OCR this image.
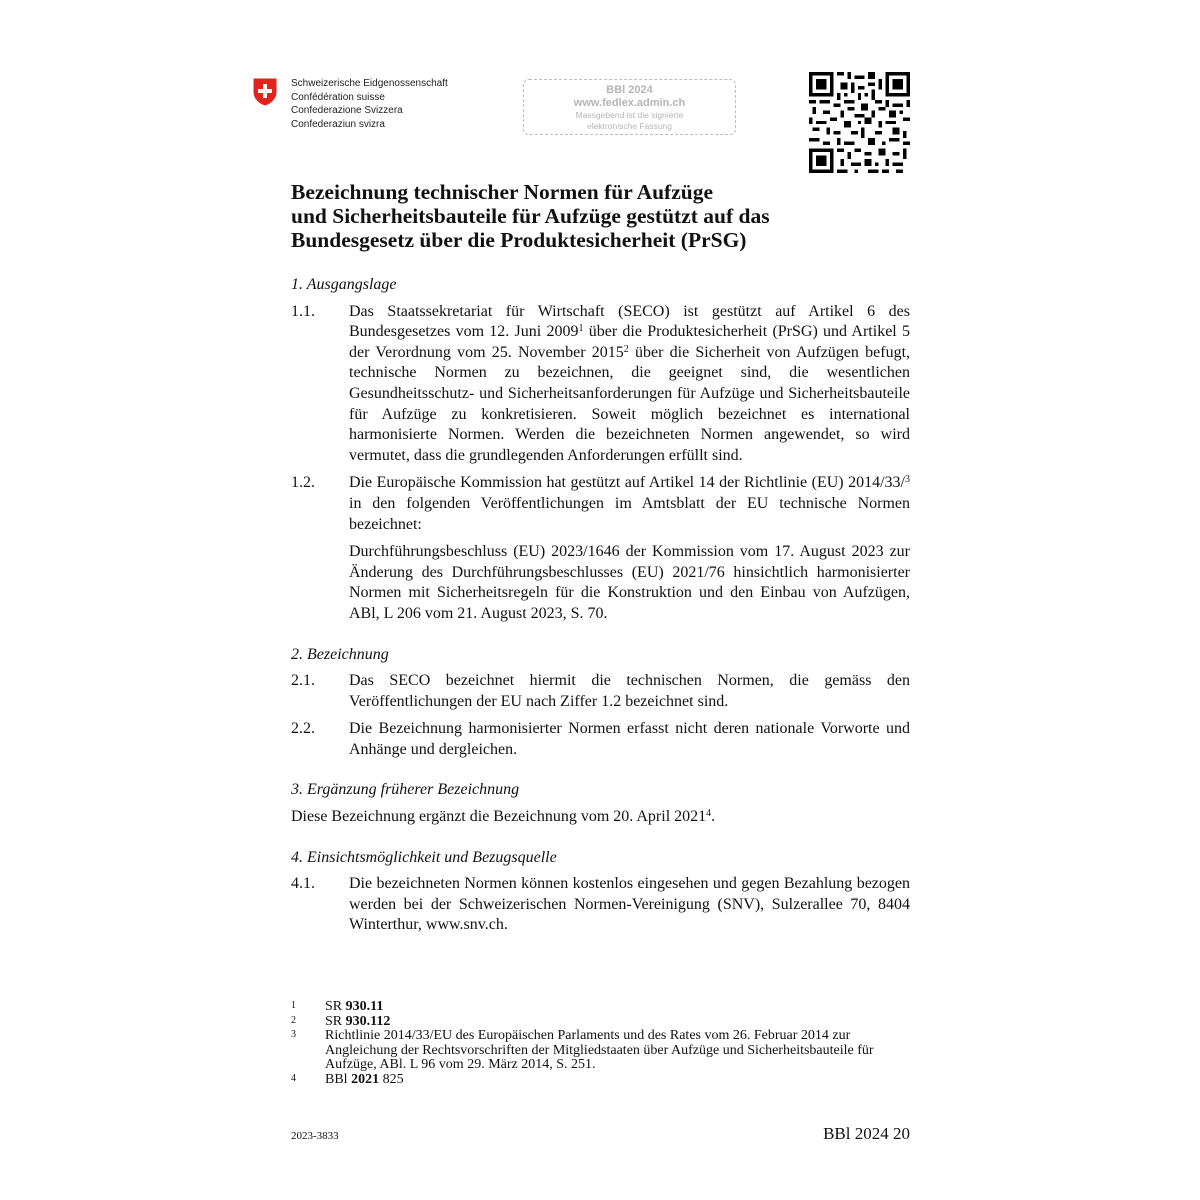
Schweizerische Eidgenossenschaft
Confédération suisse
Confederazione Svizzera
Confederaziun svizra
BBl 2024
www.fedlex.admin.ch
Massgebend ist die signierte
elektronische Fassung
Bezeichnung technischer Normen für Aufzüge
und Sicherheitsbauteile für Aufzüge gestützt auf das
Bundesgesetz über die Produktesicherheit (PrSG)

1. Ausgangslage

1.1.	Das Staatssekretariat für Wirtschaft (SECO) ist gestützt auf Artikel 6 des Bundesgesetzes vom 12. Juni 2009$^1$ über die Produktesicherheit (PrSG) und Artikel 5 der Verordnung vom 25. November 2015$^2$ über die Sicherheit von Aufzügen befugt, technische Normen zu bezeichnen, die geeignet sind, die wesentlichen Gesundheitsschutz- und Sicherheitsanforderungen für Aufzüge und Sicherheitsbauteile für Aufzüge zu konkretisieren. Soweit möglich bezeichnet es international harmonisierte Normen. Werden die bezeichneten Normen angewendet, so wird vermutet, dass die grundlegenden Anforderungen erfüllt sind.
1.2.	Die Europäische Kommission hat gestützt auf Artikel 14 der Richtlinie (EU) 2014/33/$^3$ in den folgenden Veröffentlichungen im Amtsblatt der EU technische Normen bezeichnet:

Durchführungsbeschluss (EU) 2023/1646 der Kommission vom 17. August 2023 zur Änderung des Durchführungsbeschlusses (EU) 2021/76 hinsichtlich harmonisierter Normen mit Sicherheitsregeln für die Konstruktion und den Einbau von Aufzügen, ABl, L 206 vom 21. August 2023, S. 70.

2. Bezeichnung

2.1.	Das SECO bezeichnet hiermit die technischen Normen, die gemäss den Veröffentlichungen der EU nach Ziffer 1.2 bezeichnet sind.
2.2.	Die Bezeichnung harmonisierter Normen erfasst nicht deren nationale Vorworte und Anhänge und dergleichen.

3. Ergänzung früherer Bezeichnung

Diese Bezeichnung ergänzt die Bezeichnung vom 20. April 2021$^4$.

4. Einsichtsmöglichkeit und Bezugsquelle

4.1.	Die bezeichneten Normen können kostenlos eingesehen und gegen Bezahlung bezogen werden bei der Schweizerischen Normen-Vereinigung (SNV), Sulzerallee 70, 8404 Winterthur, www.snv.ch.
1	SR 930.11
2	SR 930.112
3	Richtlinie 2014/33/EU des Europäischen Parlaments und des Rates vom 26. Februar 2014 zur Angleichung der Rechtsvorschriften der Mitgliedstaaten über Aufzüge und Sicherheitsbauteile für Aufzüge, ABl. L 96 vom 29. März 2014, S. 251.
4	BBl 2021 825
2023-3833	BBl 2024 20
